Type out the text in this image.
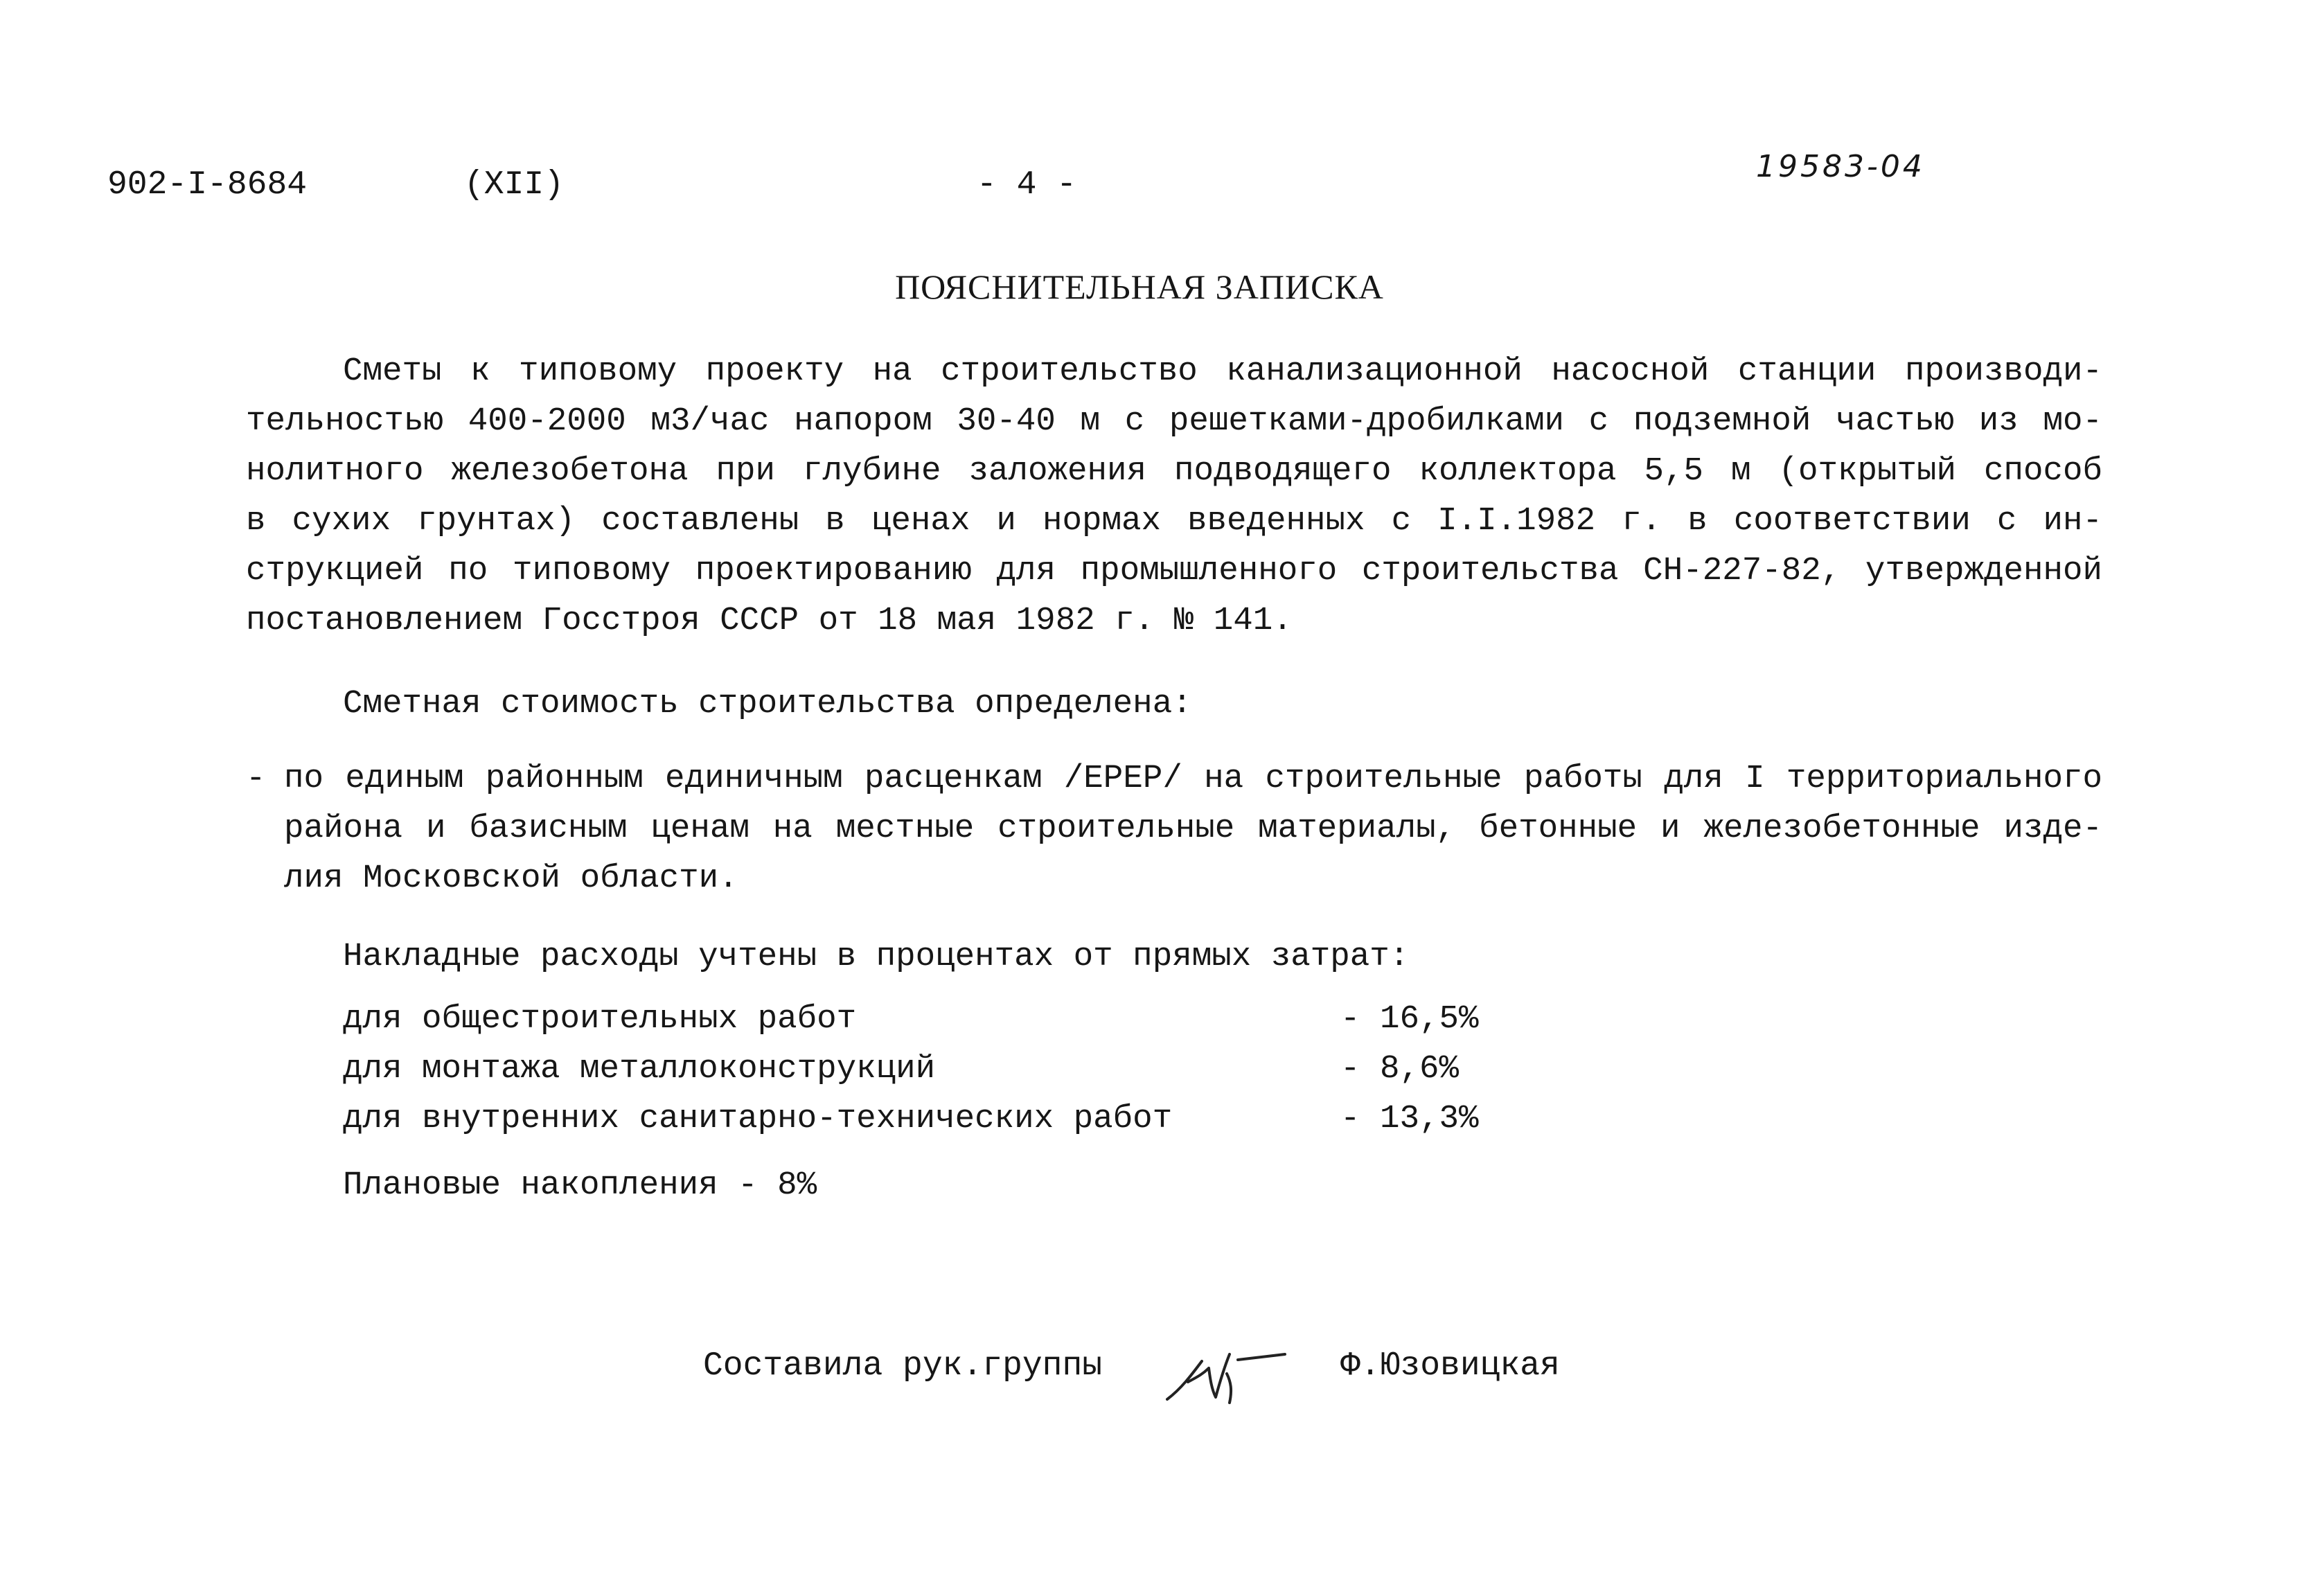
902-I-8684	(XII)	- 4 -	19583-04
ПОЯСНИТЕЛЬНАЯ ЗАПИСКА
Сметы к типовому проекту на строительство канализационной насосной станции производи-
тельностью 400-2000 м3/час напором 30-40 м с решетками-дробилками с подземной частью из мо-
нолитного железобетона при глубине заложения подводящего коллектора 5,5 м (открытый способ
в сухих грунтах) составлены в ценах и нормах введенных с I.I.1982 г. в соответствии с ин-
струкцией по типовому проектированию для промышленного строительства СН-227-82, утвержденной
постановлением Госстроя СССР от 18 мая 1982 г. № 141.
Сметная стоимость строительства определена:
- по единым районным единичным расценкам /ЕРЕР/ на строительные работы для I территориального
района и базисным ценам на местные строительные материалы, бетонные и железобетонные изде-
лия Московской области.
Накладные расходы учтены в процентах от прямых затрат:
для общестроительных работ	- 16,5%
для монтажа металлоконструкций	- 8,6%
для внутренних санитарно-технических работ	- 13,3%
Плановые накопления - 8%
Составила рук.группы	Ф.Юзовицкая
